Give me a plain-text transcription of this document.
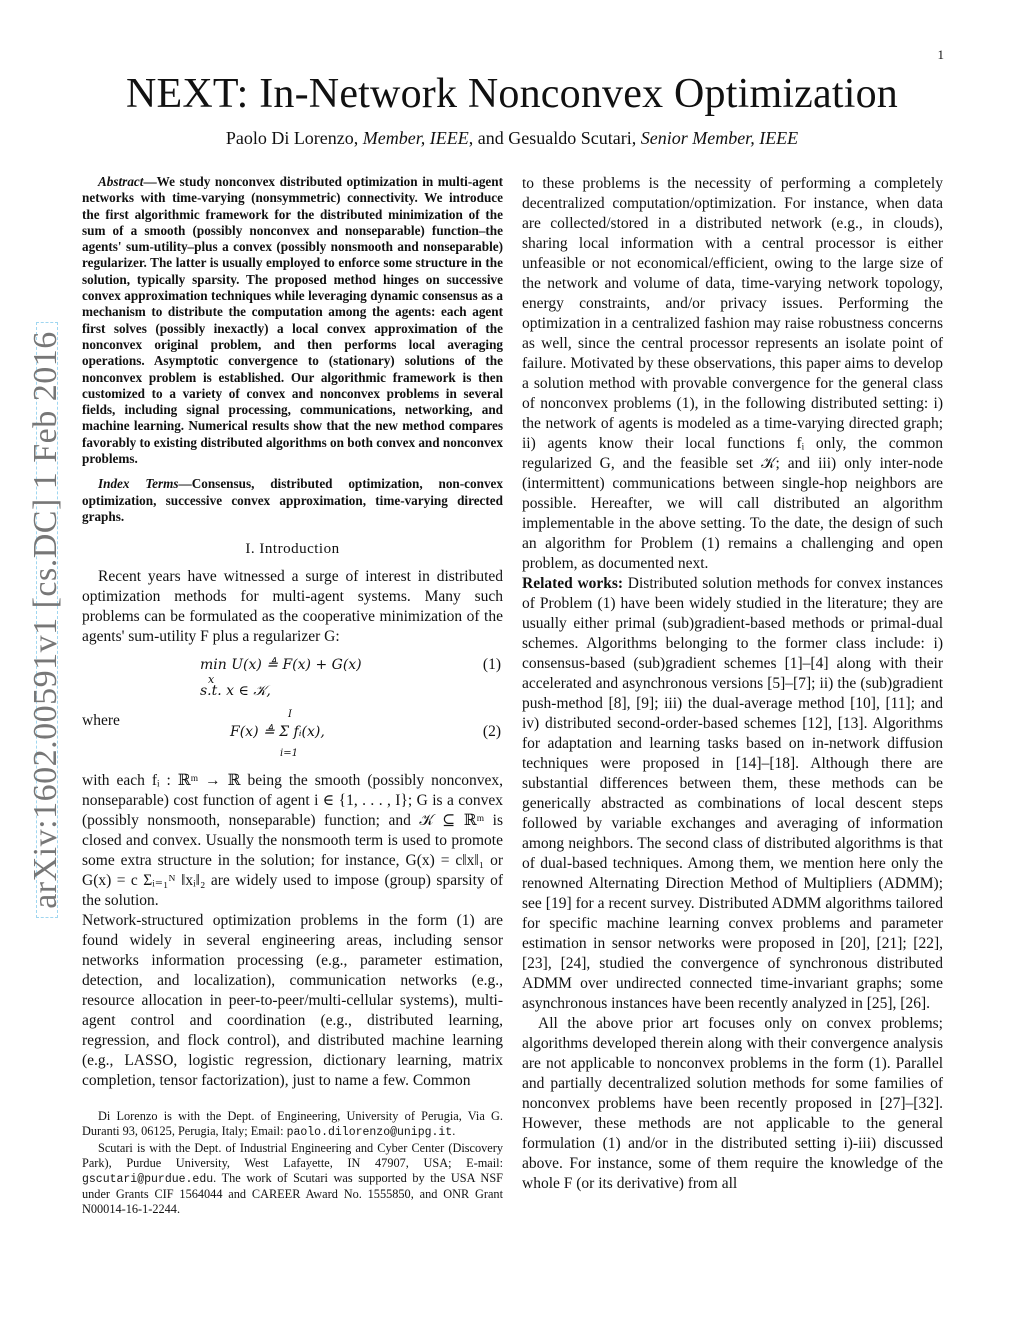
1
arXiv:1602.00591v1 [cs.DC] 1 Feb 2016
NEXT: In-Network Nonconvex Optimization
Paolo Di Lorenzo, Member, IEEE, and Gesualdo Scutari, Senior Member, IEEE

Abstract—We study nonconvex distributed optimization in multi-agent networks with time-varying (nonsymmetric) connectivity. We introduce the first algorithmic framework for the distributed minimization of the sum of a smooth (possibly nonconvex and nonseparable) function–the agents' sum-utility–plus a convex (possibly nonsmooth and nonseparable) regularizer. The latter is usually employed to enforce some structure in the solution, typically sparsity. The proposed method hinges on successive convex approximation techniques while leveraging dynamic consensus as a mechanism to distribute the computation among the agents: each agent first solves (possibly inexactly) a local convex approximation of the nonconvex original problem, and then performs local averaging operations. Asymptotic convergence to (stationary) solutions of the nonconvex problem is established. Our algorithmic framework is then customized to a variety of convex and nonconvex problems in several fields, including signal processing, communications, networking, and machine learning. Numerical results show that the new method compares favorably to existing distributed algorithms on both convex and nonconvex problems.

Index Terms—Consensus, distributed optimization, non-convex optimization, successive convex approximation, time-varying directed graphs.

I. Introduction

Recent years have witnessed a surge of interest in distributed optimization methods for multi-agent systems. Many such problems can be formulated as the cooperative minimization of the agents' sum-utility F plus a regularizer G:

min U(x) ≜ F(x) + G(x)
x
s.t. x ∈ 𝒦,
(1)
where	I
F(x) ≜ Σ fᵢ(x),
i=1
(2)

with each fᵢ : ℝᵐ → ℝ being the smooth (possibly nonconvex, nonseparable) cost function of agent i ∈ {1, . . . , I}; G is a convex (possibly nonsmooth, nonseparable) function; and 𝒦 ⊆ ℝᵐ is closed and convex. Usually the nonsmooth term is used to promote some extra structure in the solution; for instance, G(x) = c‖x‖₁ or G(x) = c Σᵢ₌₁ᴺ ‖xᵢ‖₂ are widely used to impose (group) sparsity of the solution.

Network-structured optimization problems in the form (1) are found widely in several engineering areas, including sensor networks information processing (e.g., parameter estimation, detection, and localization), communication networks (e.g., resource allocation in peer-to-peer/multi-cellular systems), multi-agent control and coordination (e.g., distributed learning, regression, and flock control), and distributed machine learning (e.g., LASSO, logistic regression, dictionary learning, matrix completion, tensor factorization), just to name a few. Common

Di Lorenzo is with the Dept. of Engineering, University of Perugia, Via G. Duranti 93, 06125, Perugia, Italy; Email: paolo.dilorenzo@unipg.it.

Scutari is with the Dept. of Industrial Engineering and Cyber Center (Discovery Park), Purdue University, West Lafayette, IN 47907, USA; E-mail: gscutari@purdue.edu. The work of Scutari was supported by the USA NSF under Grants CIF 1564044 and CAREER Award No. 1555850, and ONR Grant N00014-16-1-2244.

to these problems is the necessity of performing a completely decentralized computation/optimization. For instance, when data are collected/stored in a distributed network (e.g., in clouds), sharing local information with a central processor is either unfeasible or not economical/efficient, owing to the large size of the network and volume of data, time-varying network topology, energy constraints, and/or privacy issues. Performing the optimization in a centralized fashion may raise robustness concerns as well, since the central processor represents an isolate point of failure. Motivated by these observations, this paper aims to develop a solution method with provable convergence for the general class of nonconvex problems (1), in the following distributed setting: i) the network of agents is modeled as a time-varying directed graph; ii) agents know their local functions fᵢ only, the common regularized G, and the feasible set 𝒦; and iii) only inter-node (intermittent) communications between single-hop neighbors are possible. Hereafter, we will call distributed an algorithm implementable in the above setting. To the date, the design of such an algorithm for Problem (1) remains a challenging and open problem, as documented next.

Related works: Distributed solution methods for convex instances of Problem (1) have been widely studied in the literature; they are usually either primal (sub)gradient-based methods or primal-dual schemes. Algorithms belonging to the former class include: i) consensus-based (sub)gradient schemes [1]–[4] along with their accelerated and asynchronous versions [5]–[7]; ii) the (sub)gradient push-method [8], [9]; iii) the dual-average method [10], [11]; and iv) distributed second-order-based schemes [12], [13]. Algorithms for adaptation and learning tasks based on in-network diffusion techniques were proposed in [14]–[18]. Although there are substantial differences between them, these methods can be generically abstracted as combinations of local descent steps followed by variable exchanges and averaging of information among neighbors. The second class of distributed algorithms is that of dual-based techniques. Among them, we mention here only the renowned Alternating Direction Method of Multipliers (ADMM); see [19] for a recent survey. Distributed ADMM algorithms tailored for specific machine learning convex problems and parameter estimation in sensor networks were proposed in [20], [21]; [22], [23], [24], studied the convergence of synchronous distributed ADMM over undirected connected time-invariant graphs; some asynchronous instances have been recently analyzed in [25], [26].

All the above prior art focuses only on convex problems; algorithms developed therein along with their convergence analysis are not applicable to nonconvex problems in the form (1). Parallel and partially decentralized solution methods for some families of nonconvex problems have been recently proposed in [27]–[32]. However, these methods are not applicable to the general formulation (1) and/or in the distributed setting i)-iii) discussed above. For instance, some of them require the knowledge of the whole F (or its derivative) from all
